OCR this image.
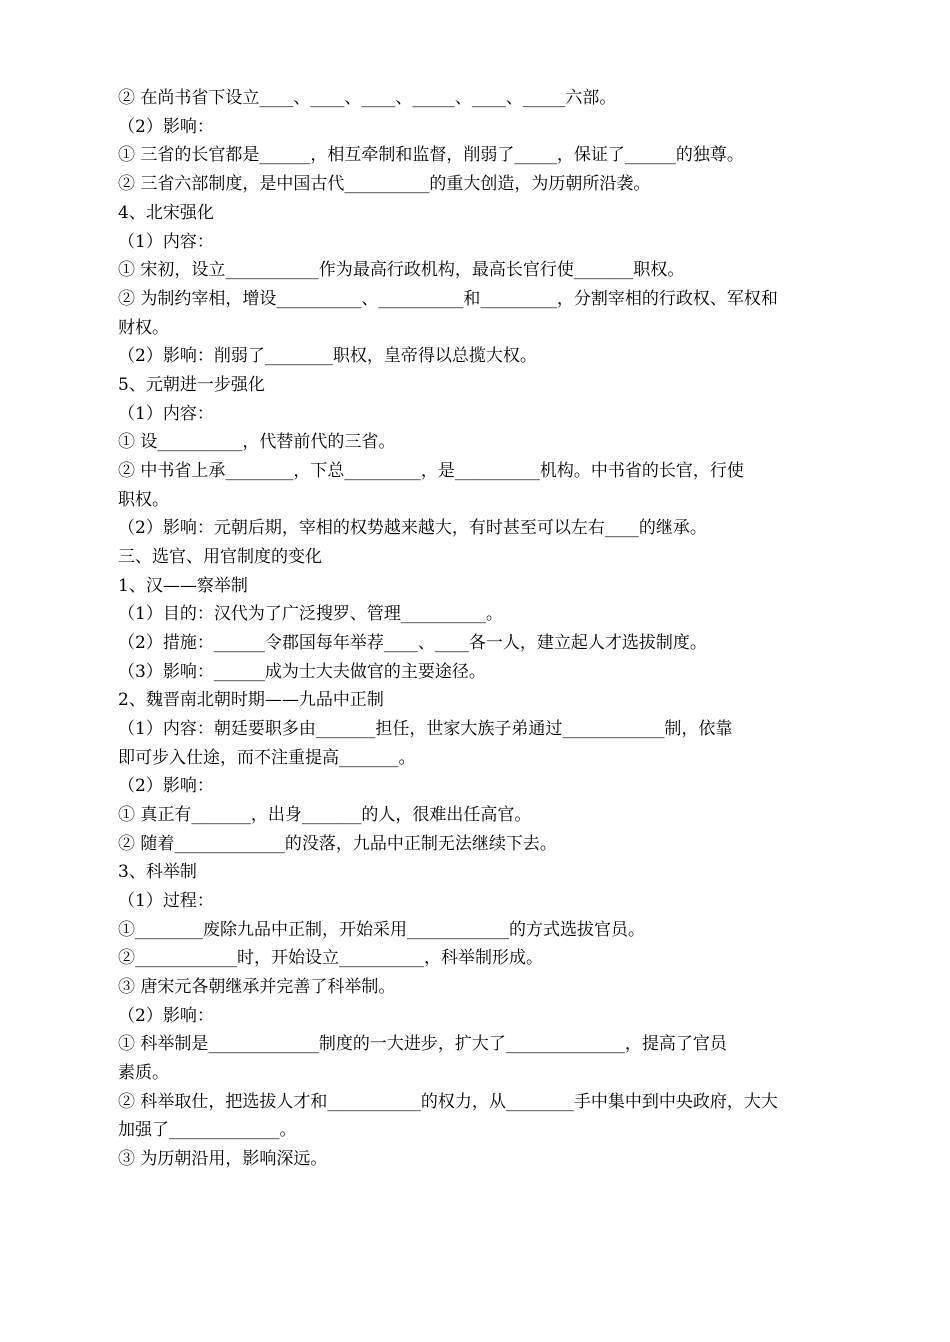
② 在尚书省下设立____、____、____、_____、____、_____六部。
（2）影响：
① 三省的长官都是______，相互牵制和监督，削弱了_____，保证了______的独尊。
② 三省六部制度，是中国古代__________的重大创造，为历朝所沿袭。
4、北宋强化
（1）内容：
① 宋初，设立___________作为最高行政机构，最高长官行使_______职权。
② 为制约宰相，增设__________、__________和_________，分割宰相的行政权、军权和
财权。
（2）影响：削弱了________职权，皇帝得以总揽大权。
5、元朝进一步强化
（1）内容：
① 设__________，代替前代的三省。
② 中书省上承________，下总_________，是__________机构。中书省的长官，行使
职权。
（2）影响：元朝后期，宰相的权势越来越大，有时甚至可以左右____的继承。
三、选官、用官制度的变化
1、汉——察举制
（1）目的：汉代为了广泛搜罗、管理__________。
（2）措施：______令郡国每年举荐____、____各一人，建立起人才选拔制度。
（3）影响：______成为士大夫做官的主要途径。
2、魏晋南北朝时期——九品中正制
（1）内容：朝廷要职多由_______担任，世家大族子弟通过____________制，依靠
即可步入仕途，而不注重提高_______。
（2）影响：
① 真正有_______，出身_______的人，很难出任高官。
② 随着_____________的没落，九品中正制无法继续下去。
3、科举制
（1）过程：
①________废除九品中正制，开始采用____________的方式选拔官员。
②____________时，开始设立__________，科举制形成。
③ 唐宋元各朝继承并完善了科举制。
（2）影响：
① 科举制是_____________制度的一大进步，扩大了______________，提高了官员
素质。
② 科举取仕，把选拔人才和___________的权力，从________手中集中到中央政府，大大
加强了_____________。
③ 为历朝沿用，影响深远。
